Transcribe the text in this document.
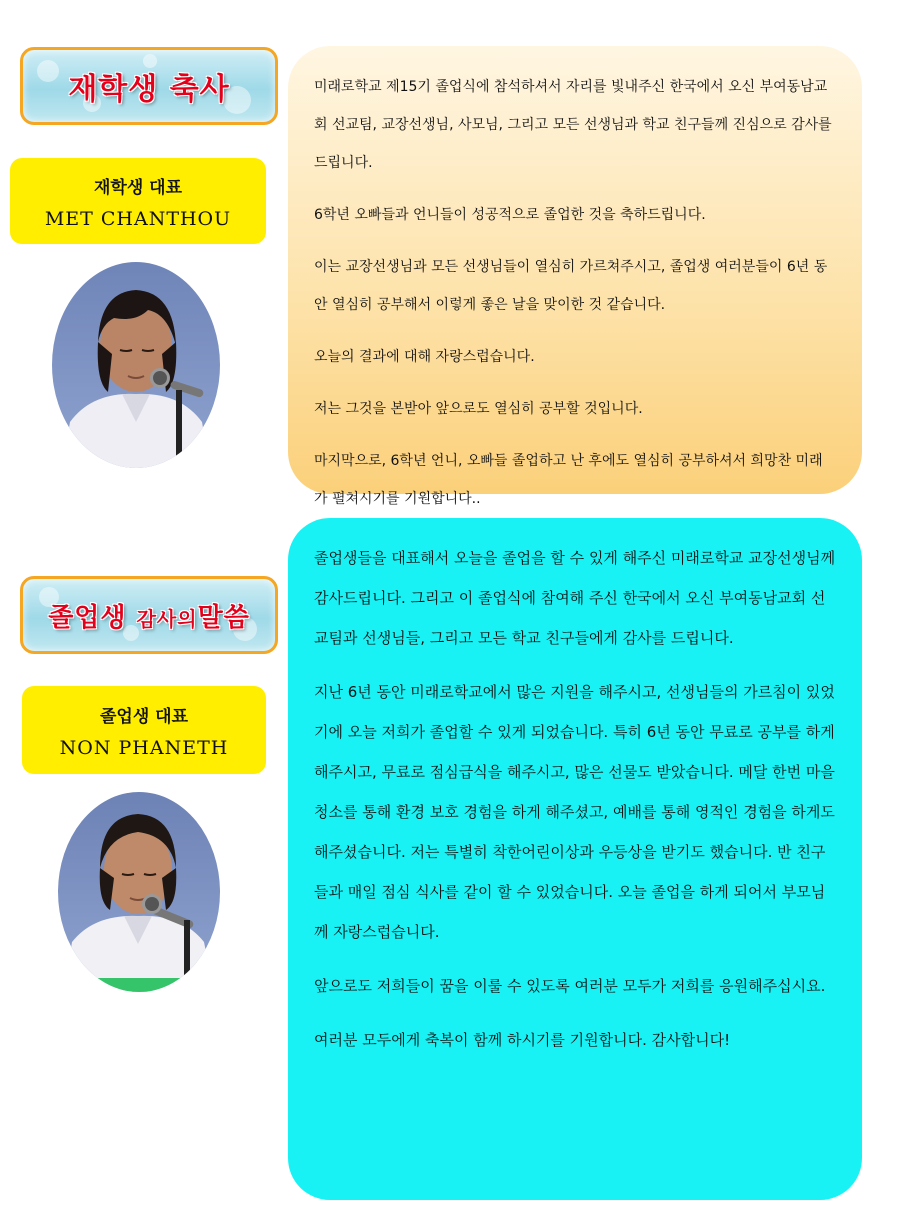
재학생 축사
재학생 대표
MET CHANTHOU

미래로학교 제15기 졸업식에 참석하셔서 자리를 빛내주신 한국에서 오신 부여동남교회 선교팀, 교장선생님, 사모님, 그리고 모든 선생님과 학교 친구들께 진심으로 감사를 드립니다.

6학년 오빠들과 언니들이 성공적으로 졸업한 것을 축하드립니다.

이는 교장선생님과 모든 선생님들이 열심히 가르쳐주시고, 졸업생 여러분들이 6년 동안 열심히 공부해서 이렇게 좋은 날을 맞이한 것 같습니다.

오늘의 결과에 대해 자랑스럽습니다.

저는 그것을 본받아 앞으로도 열심히 공부할 것입니다.

마지막으로, 6학년 언니, 오빠들 졸업하고 난 후에도 열심히 공부하셔서 희망찬 미래가 펼쳐시기를 기원합니다..

졸업생 감사의말씀
졸업생 대표
NON PHANETH

졸업생들을 대표해서 오늘을 졸업을 할 수 있게 해주신 미래로학교 교장선생님께 감사드립니다. 그리고 이 졸업식에 참여해 주신 한국에서 오신 부여동남교회 선교팀과 선생님들, 그리고 모든 학교 친구들에게 감사를 드립니다.

지난 6년 동안 미래로학교에서 많은 지원을 해주시고, 선생님들의 가르침이 있었기에 오늘 저희가 졸업할 수 있게 되었습니다. 특히 6년 동안 무료로 공부를 하게 해주시고, 무료로 점심급식을 해주시고, 많은 선물도 받았습니다. 메달 한번 마을 청소를 통해 환경 보호 경험을 하게 해주셨고, 예배를 통해 영적인 경험을 하게도 해주셨습니다. 저는 특별히 착한어린이상과 우등상을 받기도 했습니다. 반 친구들과 매일 점심 식사를 같이 할 수 있었습니다. 오늘 졸업을 하게 되어서 부모님께 자랑스럽습니다.

앞으로도 저희들이 꿈을 이룰 수 있도록 여러분 모두가 저희를 응원해주십시요.

여러분 모두에게 축복이 함께 하시기를 기원합니다. 감사합니다!
